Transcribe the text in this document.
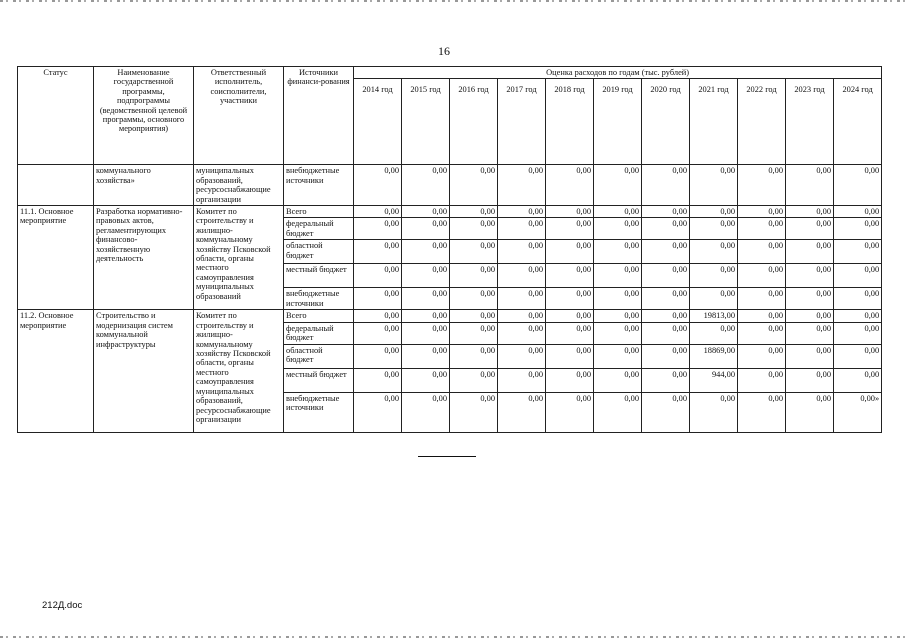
16
Статус	Наименование государственной программы, подпрограммы (ведомственной целевой программы, основного мероприятия)	Ответственный исполнитель, соисполнители, участники	Источники финанси-рования	Оценка расходов по годам (тыс. рублей)										
				2014 год	2015 год	2016 год	2017 год	2018 год	2019 год	2020 год	2021 год	2022 год	2023 год	2024 год
	коммунального хозяйства»	муниципальных образований, ресурсоснабжающие организации	внебюджетные источники	0,00	0,00	0,00	0,00	0,00	0,00	0,00	0,00	0,00	0,00	0,00
11.1. Основное мероприятие	Разработка нормативно-правовых актов, регламентирующих финансово-хозяйственную деятельность	Комитет по строительству и жилищно-коммунальному хозяйству Псковской области, органы местного самоуправления муниципальных образований	Всего	0,00	0,00	0,00	0,00	0,00	0,00	0,00	0,00	0,00	0,00	0,00
			федеральный бюджет	0,00	0,00	0,00	0,00	0,00	0,00	0,00	0,00	0,00	0,00	0,00
			областной бюджет	0,00	0,00	0,00	0,00	0,00	0,00	0,00	0,00	0,00	0,00	0,00
			местный бюджет	0,00	0,00	0,00	0,00	0,00	0,00	0,00	0,00	0,00	0,00	0,00
			внебюджетные источники	0,00	0,00	0,00	0,00	0,00	0,00	0,00	0,00	0,00	0,00	0,00
11.2. Основное мероприятие	Строительство и модернизация систем коммунальной инфраструктуры	Комитет по строительству и жилищно-коммунальному хозяйству Псковской области, органы местного самоуправления муниципальных образований, ресурсоснабжающие организации	Всего	0,00	0,00	0,00	0,00	0,00	0,00	0,00	19813,00	0,00	0,00	0,00
			федеральный бюджет	0,00	0,00	0,00	0,00	0,00	0,00	0,00	0,00	0,00	0,00	0,00
			областной бюджет	0,00	0,00	0,00	0,00	0,00	0,00	0,00	18869,00	0,00	0,00	0,00
			местный бюджет	0,00	0,00	0,00	0,00	0,00	0,00	0,00	944,00	0,00	0,00	0,00
			внебюджетные источники	0,00	0,00	0,00	0,00	0,00	0,00	0,00	0,00	0,00	0,00	0,00»
212Д.doc
